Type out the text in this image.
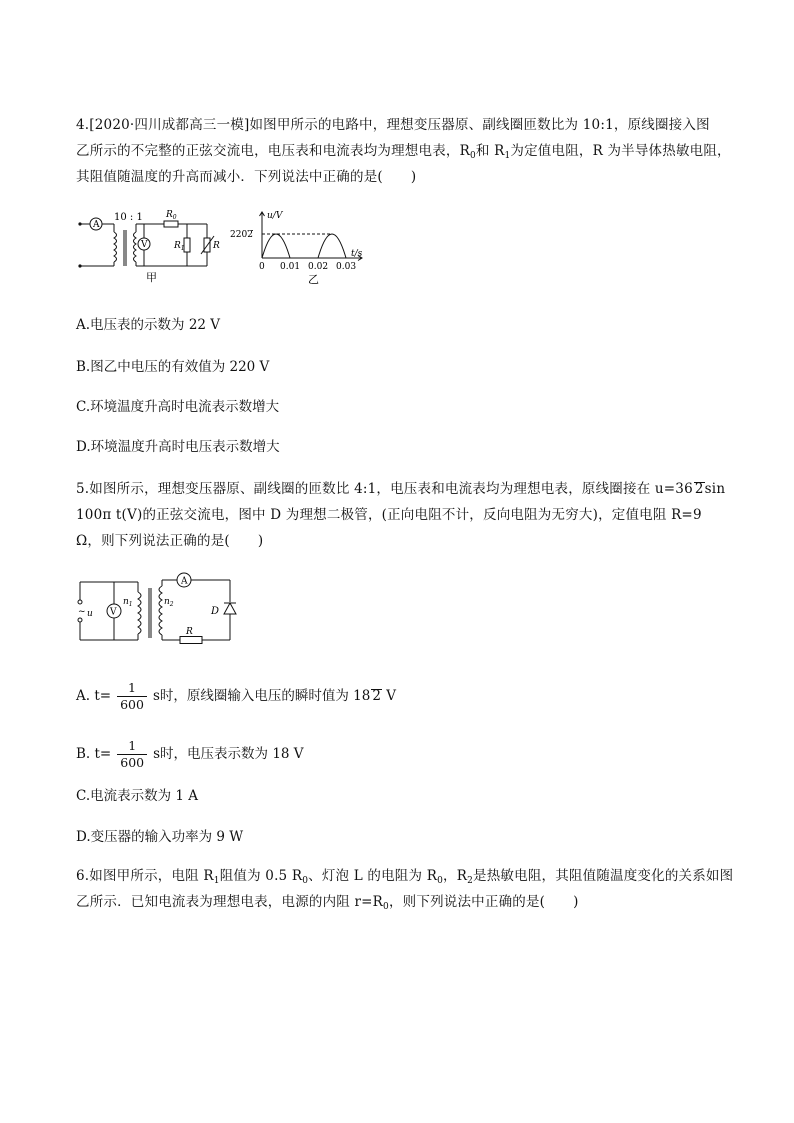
4.[2020·四川成都高三一模]如图甲所示的电路中，理想变压器原、副线圈匝数比为 10:1，原线圈接入图
乙所示的不完整的正弦交流电，电压表和电流表均为理想电表，$R_0$和 $R_1$为定值电阻，R 为半导体热敏电阻，
其阻值随温度的升高而减小．下列说法中正确的是( )
A
V
10 : 1	$R_0$
$R_1$	R
甲
u/V
2202
t/s
0 0.01 0.02 0.03
乙
A.电压表的示数为 22 V
B.图乙中电压的有效值为 220 V
C.环境温度升高时电流表示数增大
D.环境温度升高时电压表示数增大
5.如图所示，理想变压器原、副线圈的匝数比 4:1，电压表和电流表均为理想电表，原线圈接在 u=36 2sin
100π t(V)的正弦交流电，图中 D 为理想二极管，(正向电阻不计，反向电阻为无穷大)，定值电阻 R=9
Ω，则下列说法正确的是( )
~ u V
A
$n_1$	$n_2$
D
R
A. $t= \frac{1}{600}$ s时，原线圈输入电压的瞬时值为 18 2 V
B. $t= \frac{1}{600}$ s时，电压表示数为 18 V
C.电流表示数为 1 A
D.变压器的输入功率为 9 W
6.如图甲所示，电阻 $R_1$阻值为 0.5 $R_0$、灯泡 L 的电阻为 $R_0$，$R_2$是热敏电阻，其阻值随温度变化的关系如图
乙所示．已知电流表为理想电表，电源的内阻 $r=R_0$，则下列说法中正确的是( )
